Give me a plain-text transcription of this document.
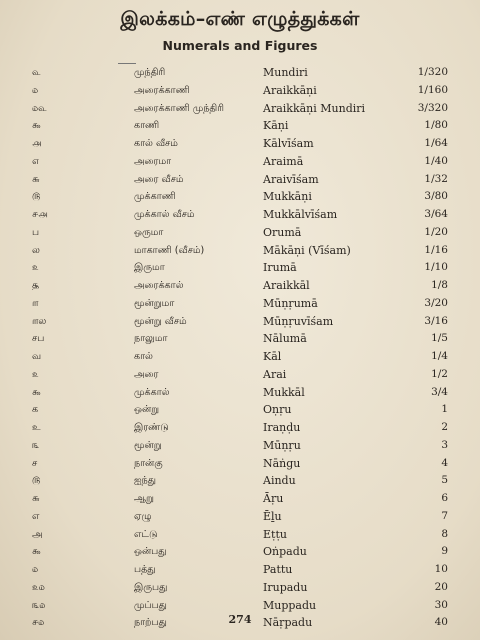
இலக்கம்–எண் எழுத்துக்கள்
Numerals and Figures
௳	முந்திரி	Mundiri	1/320
௰	அரைக்காணி	Araikkāṇi	1/160
௰௳	அரைக்காணி முந்திரி	Araikkāṇi Mundiri	3/320
௯	காணி	Kāṇi	1/80
௮	கால் வீசம்	Kālvīśam	1/64
௭	அரைமா	Araimā	1/40
௬	அரை வீசம்	Araivīśam	1/32
௫	முக்காணி	Mukkāṇi	3/80
௪௮	முக்கால் வீசம்	Mukkālvīśam	3/64
ப	ஒருமா	Orumā	1/20
ல	மாகாணி (வீசம்)	Mākāṇi (Vīśam)	1/16
௨	இருமா	Irumā	1/10
௲	அரைக்கால்	Araikkāl	1/8
௱	மூன்றுமா	Mūṇṛumā	3/20
௱ல	மூன்று வீசம்	Mūṇṛuvīśam	3/16
சப	நாலுமா	Nālumā	1/5
வ	கால்	Kāl	1/4
௨	அரை	Arai	1/2
௯	முக்கால்	Mukkāl	3/4
க	ஒன்று	Oṇṛu	1
உ	இரண்டு	Iraṇḍu	2
௩	மூன்று	Mūṇṛu	3
ச	நான்கு	Nāṅgu	4
௫	ஐந்து	Aindu	5
௬	ஆறு	Āṛu	6
எ	ஏழு	Ēḻu	7
அ	எட்டு	Eṭṭu	8
௯	ஒன்பது	Oṅpadu	9
௰	பத்து	Pattu	10
௨௰	இருபது	Irupadu	20
௩௰	முப்பது	Muppadu	30
௪௰	நாற்பது	Nāṛpadu	40
274
